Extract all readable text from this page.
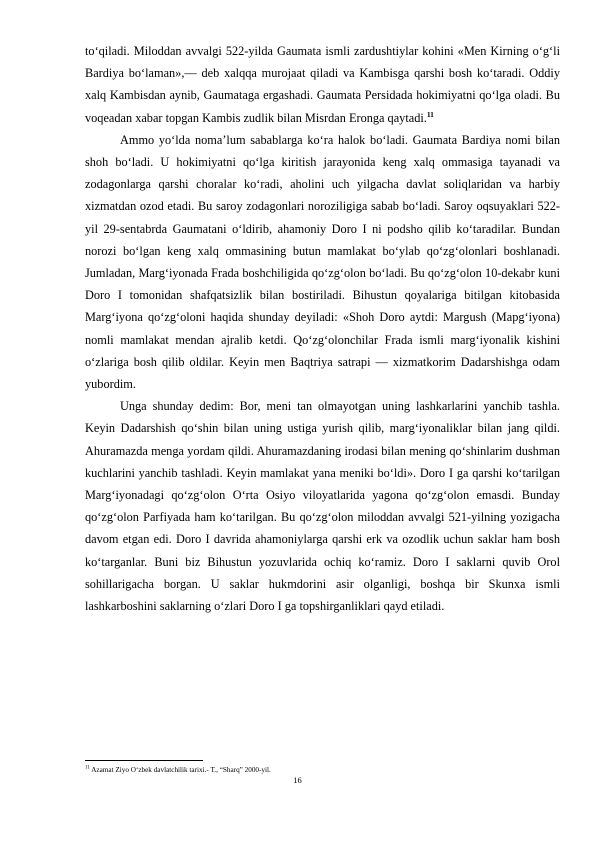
to‘qiladi. Miloddan avvalgi 522-yilda Gaumata ismli zardushtiylar kohini «Men Kirning o‘g‘li Bardiya bo‘laman»,— deb xalqqa murojaat qiladi va Kambisga qarshi bosh ko‘taradi. Oddiy xalq Kambisdan aynib, Gaumataga ergashadi. Gaumata Persidada hokimiyatni qo‘lga oladi. Bu voqeadan xabar topgan Kambis zudlik bilan Misrdan Eronga qaytadi.$^{11}$

Ammo yo‘lda noma’lum sabablarga ko‘ra halok bo‘ladi. Gaumata Bardiya nomi bilan shoh bo‘ladi. U hokimiyatni qo‘lga kiritish jarayonida keng xalq ommasiga tayanadi va zodagonlarga qarshi choralar ko‘radi, aholini uch yilgacha davlat soliqlaridan va harbiy xizmatdan ozod etadi. Bu saroy zodagonlari noroziligiga sabab bo‘ladi. Saroy oqsuyaklari 522-yil 29-sentabrda Gaumatani o‘ldirib, ahamoniy Doro I ni podsho qilib ko‘taradilar. Bundan norozi bo‘lgan keng xalq ommasining butun mamlakat bo‘ylab qo‘zg‘olonlari boshlanadi. Jumladan, Marg‘iyonada Frada boshchiligida qo‘zg‘olon bo‘ladi. Bu qo‘zg‘olon 10-dekabr kuni Doro I tomonidan shafqatsizlik bilan bostiriladi. Bihustun qoyalariga bitilgan kitobasida Marg‘iyona qo‘zg‘oloni haqida shunday deyiladi: «Shoh Doro aytdi: Margush (Mapg‘iyona) nomli mamlakat mendan ajralib ketdi. Qo‘zg‘olonchilar Frada ismli marg‘iyonalik kishini o‘zlariga bosh qilib oldilar. Keyin men Baqtriya satrapi — xizmatkorim Dadarshishga odam yubordim.

Unga shunday dedim: Bor, meni tan olmayotgan uning lashkarlarini yanchib tashla. Keyin Dadarshish qo‘shin bilan uning ustiga yurish qilib, marg‘iyonaliklar bilan jang qildi. Ahuramazda menga yordam qildi. Ahuramazdaning irodasi bilan mening qo‘shinlarim dushman kuchlarini yanchib tashladi. Keyin mamlakat yana meniki bo‘ldi». Doro I ga qarshi ko‘tarilgan Marg‘iyonadagi qo‘zg‘olon O‘rta Osiyo viloyatlarida yagona qo‘zg‘olon emasdi. Bunday qo‘zg‘olon Parfiyada ham ko‘tarilgan. Bu qo‘zg‘olon miloddan avvalgi 521-yilning yozigacha davom etgan edi. Doro I davrida ahamoniylarga qarshi erk va ozodlik uchun saklar ham bosh ko‘targanlar. Buni biz Bihustun yozuvlarida ochiq ko‘ramiz. Doro I saklarni quvib Orol sohillarigacha borgan. U saklar hukmdorini asir olganligi, boshqa bir Skunxa ismli lashkarboshini saklarning o‘zlari Doro I ga topshirganliklari qayd etiladi.

$^{11}$ Azamat Ziyo O‘zbek davlatchilik tarixi.- T., “Sharq” 2000-yil.
16
